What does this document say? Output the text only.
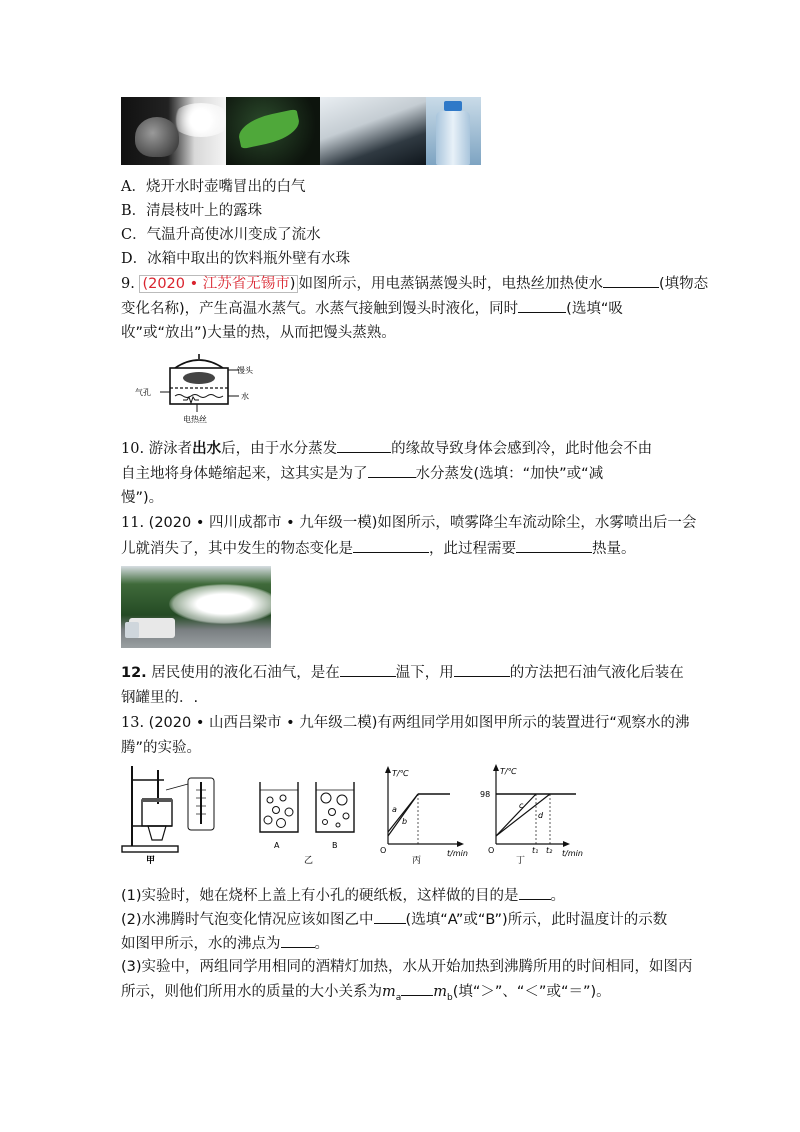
A．烧开水时壶嘴冒出的白气
B．清晨枝叶上的露珠
C．气温升高使冰川变成了流水
D．冰箱中取出的饮料瓶外壁有水珠
9. (2020 • 江苏省无锡市) 如图所示，用电蒸锅蒸馒头时，电热丝加热使水	(填物态
变化名称)，产生高温水蒸气。水蒸气接触到馒头时液化，同时	(选填“吸
收”或“放出”)大量的热，从而把馒头蒸熟。
馒头
气孔	水
电热丝
10. 游泳者出水后，由于水分蒸发	的缘故导致身体会感到冷，此时他会不由
自主地将身体蜷缩起来，这其实是为了	水分蒸发(选填：“加快”或“减
慢”)。
11. (2020 • 四川成都市 • 九年级一模)如图所示，喷雾降尘车流动除尘，水雾喷出后一会
儿就消失了，其中发生的物态变化是	，此过程需要	热量。
12. 居民使用的液化石油气，是在	温下，用	的方法把石油气液化后装在
钢罐里的．.
13. (2020 • 山西吕梁市 • 九年级二模)有两组同学用如图甲所示的装置进行“观察水的沸
腾”的实验。
甲
A	B
乙
T/℃
t/min
O
a
b
丙
T/℃
98
c
d
O	t₁ t₂ t/min
丁
(1)实验时，她在烧杯上盖上有小孔的硬纸板，这样做的目的是 。
(2)水沸腾时气泡变化情况应该如图乙中 (选填“A”或“B”)所示，此时温度计的示数
如图甲所示，水的沸点为 。
(3)实验中，两组同学用相同的酒精灯加热，水从开始加热到沸腾所用的时间相同，如图丙
所示，则他们所用水的质量的大小关系为$m_a$ $m_b$(填“＞”、“＜”或“＝”)。
